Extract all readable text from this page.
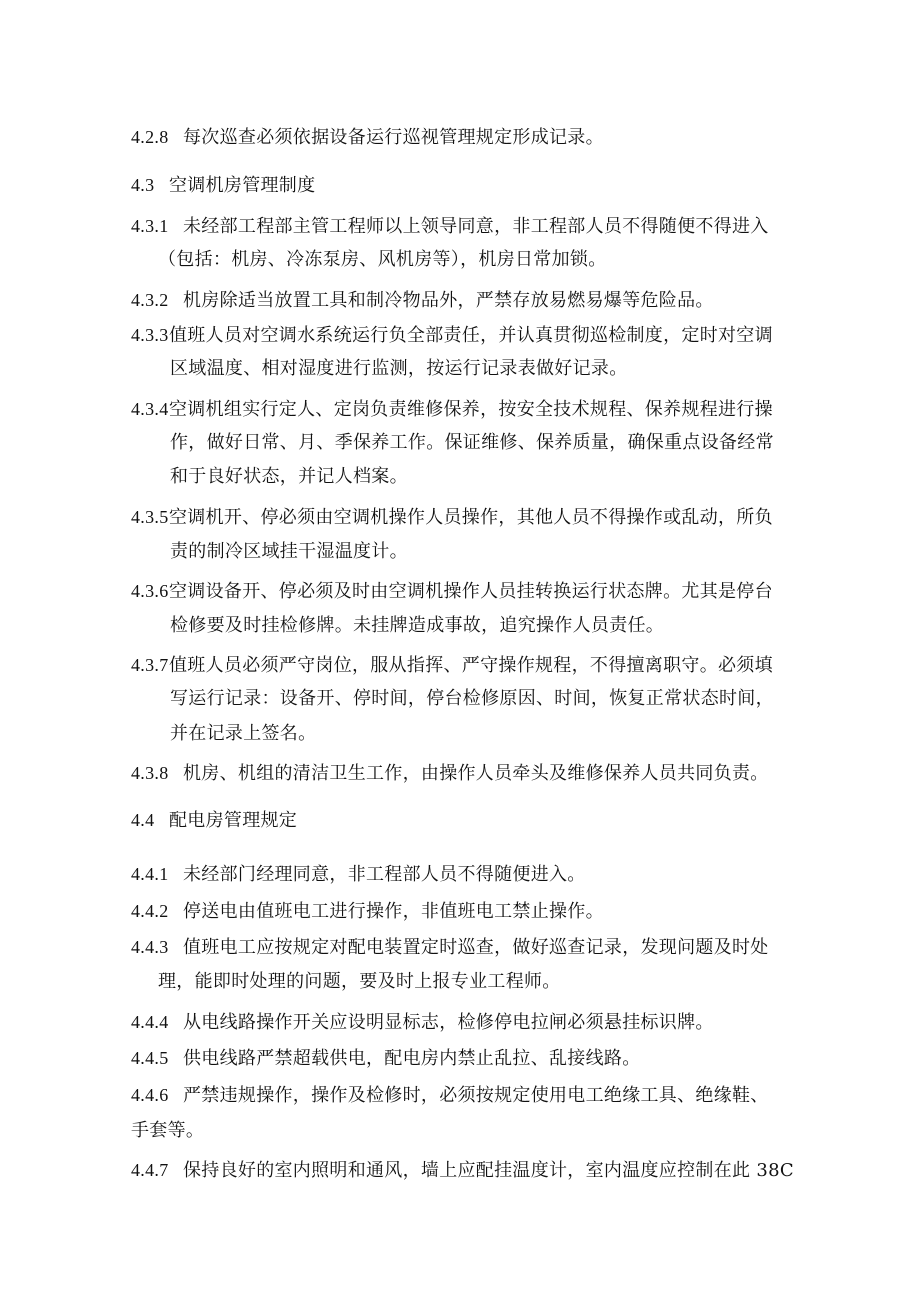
4.2.8 每次巡查必须依据设备运行巡视管理规定形成记录。
4.3 空调机房管理制度
4.3.1 未经部工程部主管工程师以上领导同意，非工程部人员不得随便不得进入
（包括：机房、冷冻泵房、风机房等），机房日常加锁。
4.3.2 机房除适当放置工具和制冷物品外，严禁存放易燃易爆等危险品。
4.3.3值班人员对空调水系统运行负全部责任，并认真贯彻巡检制度，定时对空调
区域温度、相对湿度进行监测，按运行记录表做好记录。
4.3.4空调机组实行定人、定岗负责维修保养，按安全技术规程、保养规程进行操
作，做好日常、月、季保养工作。保证维修、保养质量，确保重点设备经常
和于良好状态，并记人档案。
4.3.5空调机开、停必须由空调机操作人员操作，其他人员不得操作或乱动，所负
责的制冷区域挂干湿温度计。
4.3.6空调设备开、停必须及时由空调机操作人员挂转换运行状态牌。尤其是停台
检修要及时挂检修牌。未挂牌造成事故，追究操作人员责任。
4.3.7值班人员必须严守岗位，服从指挥、严守操作规程，不得擅离职守。必须填
写运行记录：设备开、停时间，停台检修原因、时间，恢复正常状态时间，
并在记录上签名。
4.3.8 机房、机组的清洁卫生工作，由操作人员牵头及维修保养人员共同负责。
4.4 配电房管理规定
4.4.1 未经部门经理同意，非工程部人员不得随便进入。
4.4.2 停送电由值班电工进行操作，非值班电工禁止操作。
4.4.3 值班电工应按规定对配电装置定时巡查，做好巡查记录，发现问题及时处
理，能即时处理的问题，要及时上报专业工程师。
4.4.4 从电线路操作开关应设明显标志，检修停电拉闸必须悬挂标识牌。
4.4.5 供电线路严禁超载供电，配电房内禁止乱拉、乱接线路。
4.4.6 严禁违规操作，操作及检修时，必须按规定使用电工绝缘工具、绝缘鞋、
手套等。
4.4.7 保持良好的室内照明和通风，墙上应配挂温度计，室内温度应控制在此 38C
